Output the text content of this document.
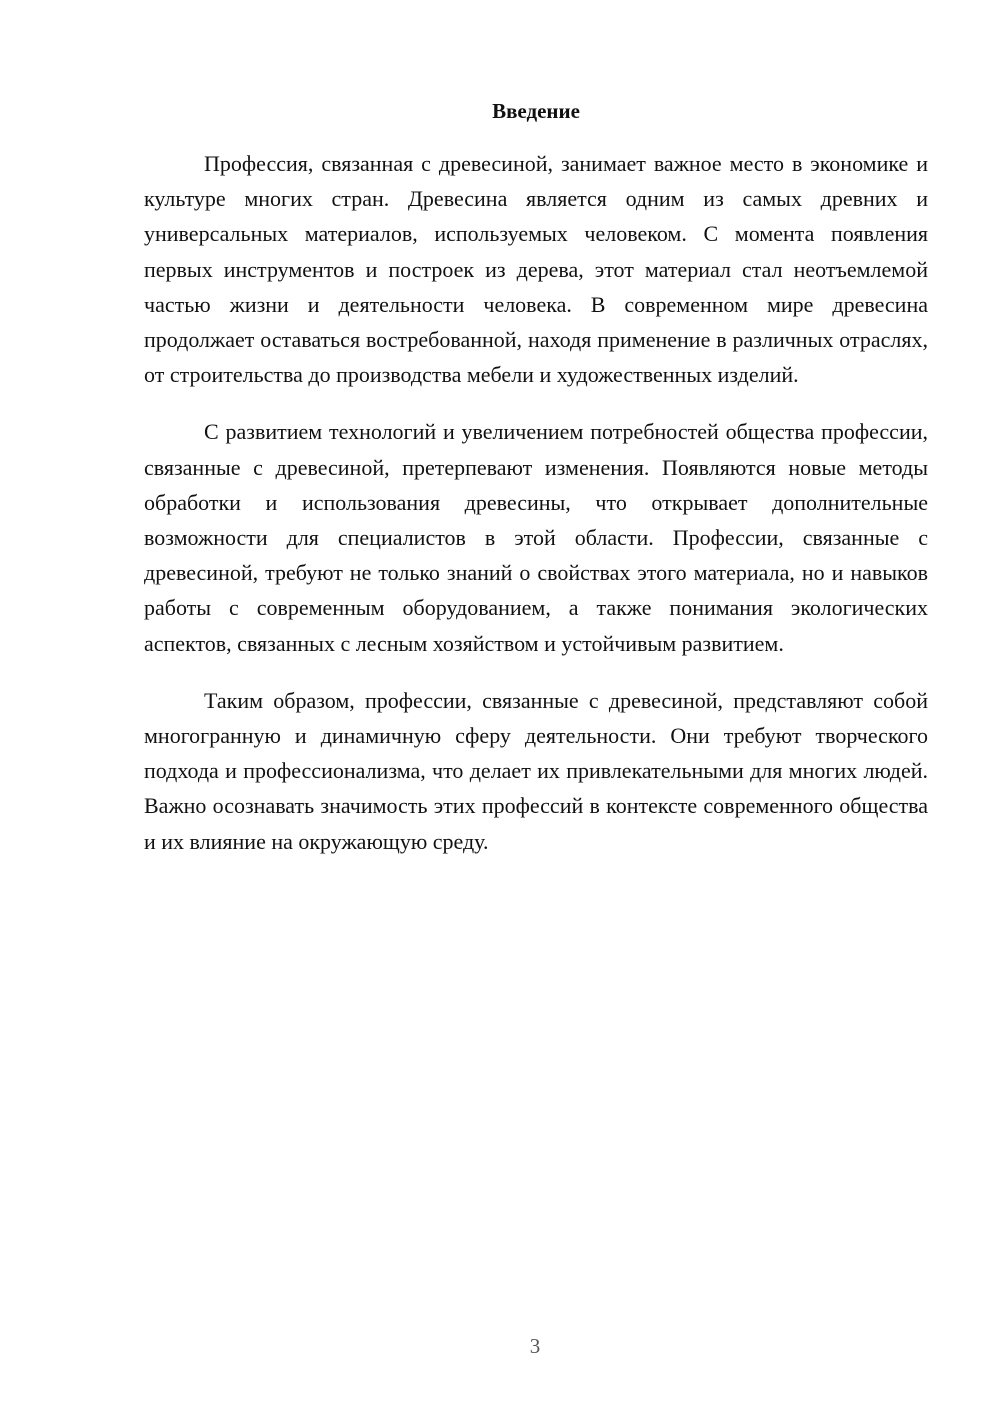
Введение

Профессия, связанная с древесиной, занимает важное место в экономике и культуре многих стран. Древесина является одним из самых древних и универсальных материалов, используемых человеком. С момента появления первых инструментов и построек из дерева, этот материал стал неотъемлемой частью жизни и деятельности человека. В современном мире древесина продолжает оставаться востребованной, находя применение в различных отраслях, от строительства до производства мебели и художественных изделий.

С развитием технологий и увеличением потребностей общества профессии, связанные с древесиной, претерпевают изменения. Появляются новые методы обработки и использования древесины, что открывает дополнительные возможности для специалистов в этой области. Профессии, связанные с древесиной, требуют не только знаний о свойствах этого материала, но и навыков работы с современным оборудованием, а также понимания экологических аспектов, связанных с лесным хозяйством и устойчивым развитием.

Таким образом, профессии, связанные с древесиной, представляют собой многогранную и динамичную сферу деятельности. Они требуют творческого подхода и профессионализма, что делает их привлекательными для многих людей. Важно осознавать значимость этих профессий в контексте современного общества и их влияние на окружающую среду.

3
